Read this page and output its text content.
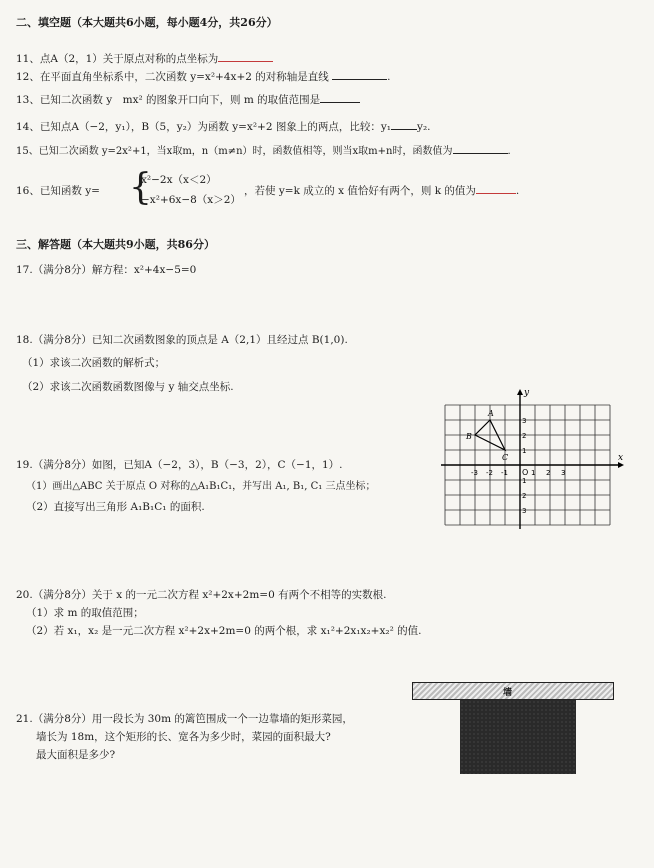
二、填空题（本大题共6小题，每小题4分，共26分）
11、点A（2，1）关于原点对称的点坐标为
12、在平面直角坐标系中，二次函数 y=x²+4x+2 的对称轴是直线	.
13、已知二次函数 y　mx² 的图象开口向下，则 m 的取值范围是
14、已知点A（−2，y₁），B（5，y₂）为函数 y=x²+2 图象上的两点，比较：y₁ y₂.
15、已知二次函数 y=2x²+1，当x取m，n（m≠n）时，函数值相等，则当x取m+n时，函数值为	.
16、已知函数 y= {
x²−2x（x＜2）
−x²+6x−8（x＞2）
，若使 y=k 成立的 x 值恰好有两个，则 k 的值为	.
三、解答题（本大题共9小题，共86分）
17.（满分8分）解方程：x²+4x−5=0
18.（满分8分）已知二次函数图象的顶点是 A（2,1）且经过点 B(1,0).
（1）求该二次函数的解析式；
（2）求该二次函数函数图像与 y 轴交点坐标.
19.（满分8分）如图，已知A（−2，3），B（−3，2），C（−1，1）.
（1）画出△ABC 关于原点 O 对称的△A₁B₁C₁，并写出 A₁, B₁, C₁ 三点坐标；
（2）直接写出三角形 A₁B₁C₁ 的面积.
x
y
O
-3 -2 -1	1 2 3
3
2
1
1
2
3
A
B
C
20.（满分8分）关于 x 的一元二次方程 x²+2x+2m=0 有两个不相等的实数根.
（1）求 m 的取值范围；
（2）若 x₁，x₂ 是一元二次方程 x²+2x+2m=0 的两个根，求 x₁²+2x₁x₂+x₂² 的值.
21.（满分8分）用一段长为 30m 的篱笆围成一个一边靠墙的矩形菜园，
墙长为 18m，这个矩形的长、宽各为多少时，菜园的面积最大?
最大面积是多少?
墙
